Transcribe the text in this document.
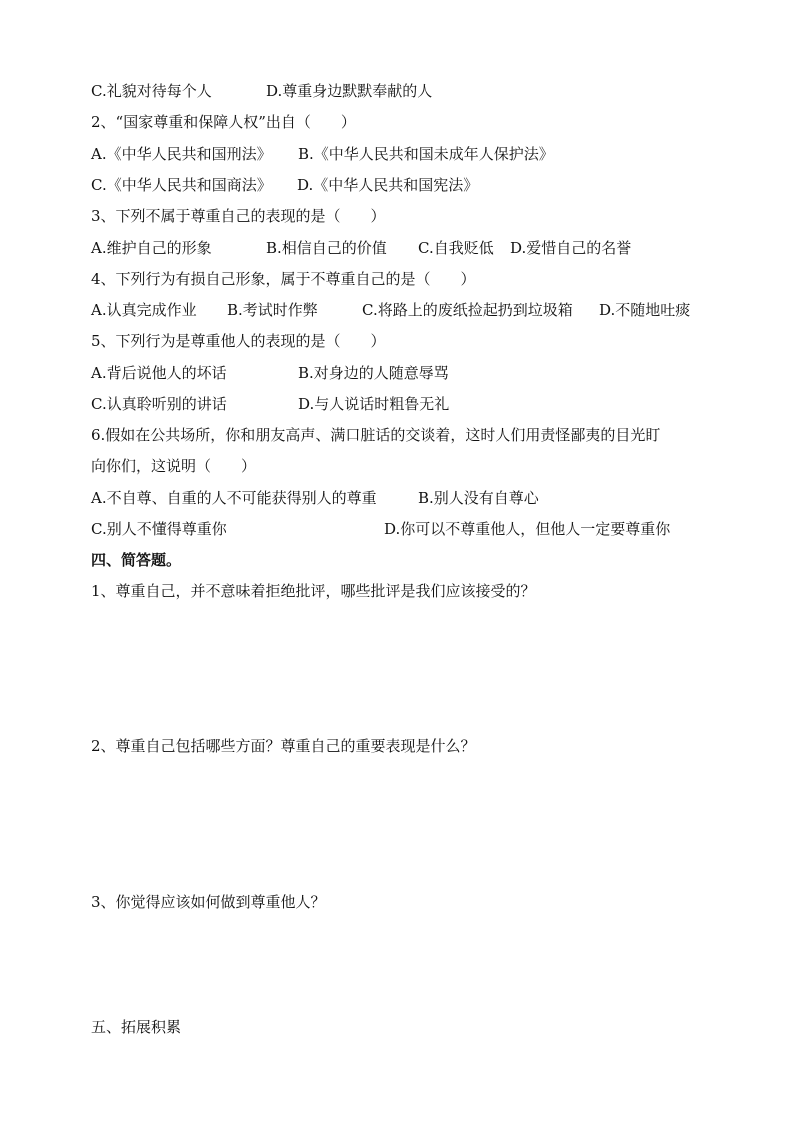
C.礼貌对待每个人	D.尊重身边默默奉献的人
2、“国家尊重和保障人权”出自（　　）
A.《中华人民共和国刑法》 B.《中华人民共和国未成年人保护法》
C.《中华人民共和国商法》 D.《中华人民共和国宪法》
3、下列不属于尊重自己的表现的是（　　）
A.维护自己的形象	B.相信自己的价值 C.自我贬低 D.爱惜自己的名誉
4、下列行为有损自己形象，属于不尊重自己的是（　　）
A.认真完成作业 B.考试时作弊	C.将路上的废纸捡起扔到垃圾箱 D.不随地吐痰
5、下列行为是尊重他人的表现的是（　　）
A.背后说他人的坏话	B.对身边的人随意辱骂
C.认真聆听别的讲话	D.与人说话时粗鲁无礼
6.假如在公共场所，你和朋友高声、满口脏话的交谈着，这时人们用责怪鄙夷的目光盯
向你们，这说明（　　）
A.不自尊、自重的人不可能获得别人的尊重	B.别人没有自尊心
C.别人不懂得尊重你	D.你可以不尊重他人，但他人一定要尊重你
四、简答题。
1、尊重自己，并不意味着拒绝批评，哪些批评是我们应该接受的？
2、尊重自己包括哪些方面？尊重自己的重要表现是什么？
3、你觉得应该如何做到尊重他人？
五、拓展积累
